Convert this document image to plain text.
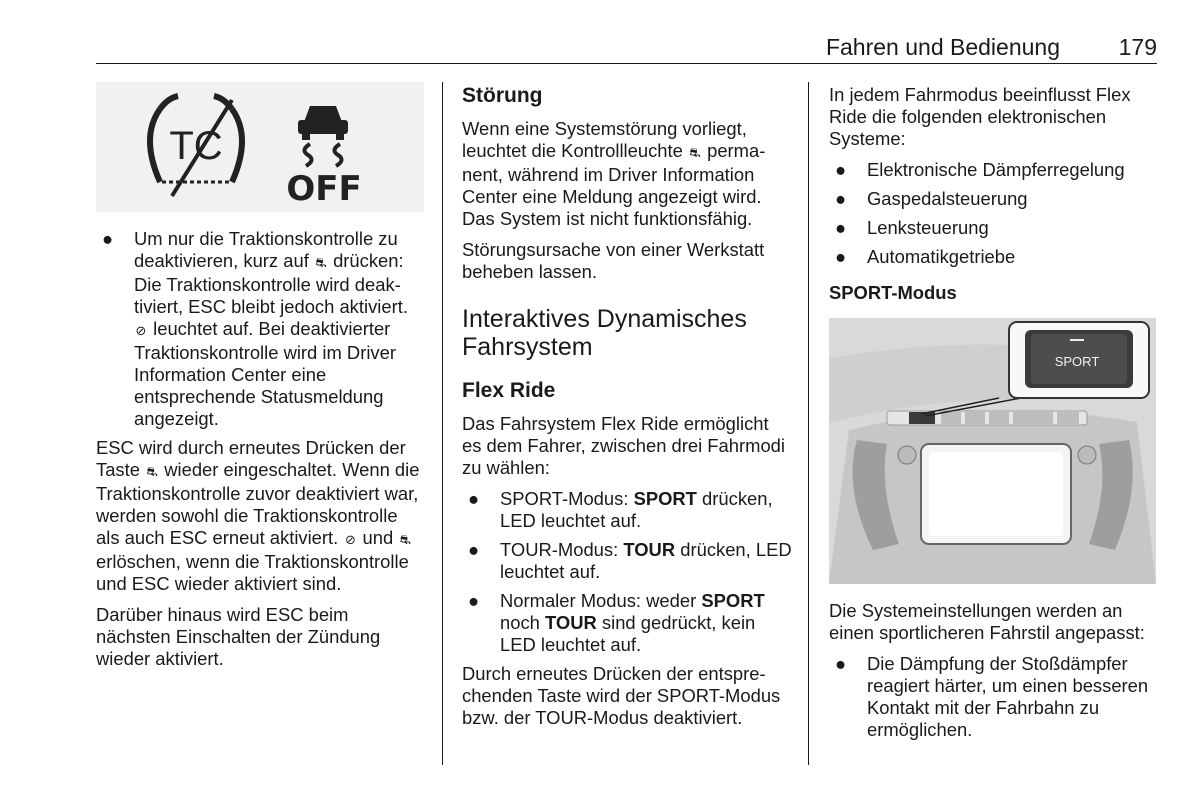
Fahren und Bedienung	179
TC
OFF
● Um nur die Traktionskontrolle zu deaktivieren, kurz auf ⛐ drücken: Die Traktionskontrolle wird deaktiviert, ESC bleibt jedoch aktiviert. ⊘ leuchtet auf. Bei deaktivierter Traktionskontrolle wird im Driver Information Center eine entsprechende Statusmeldung angezeigt.

ESC wird durch erneutes Drücken der Taste ⛐ wieder eingeschaltet. Wenn die Traktionskontrolle zuvor deaktiviert war, werden sowohl die Traktionskontrolle als auch ESC erneut aktiviert. ⊘ und ⛐ erlöschen, wenn die Traktionskontrolle und ESC wieder aktiviert sind.

Darüber hinaus wird ESC beim nächsten Einschalten der Zündung wieder aktiviert.

Störung

Wenn eine Systemstörung vorliegt, leuchtet die Kontrollleuchte ⛐ permanent, während im Driver Information Center eine Meldung angezeigt wird. Das System ist nicht funktionsfähig.

Störungsursache von einer Werkstatt beheben lassen.

Interaktives Dynamisches Fahrsystem
Flex Ride

Das Fahrsystem Flex Ride ermöglicht es dem Fahrer, zwischen drei Fahrmodi zu wählen:

● SPORT-Modus: SPORT drücken, LED leuchtet auf.
● TOUR-Modus: TOUR drücken, LED leuchtet auf.
● Normaler Modus: weder SPORT noch TOUR sind gedrückt, kein LED leuchtet auf.

Durch erneutes Drücken der entsprechenden Taste wird der SPORT-Modus bzw. der TOUR-Modus deaktiviert.

In jedem Fahrmodus beeinflusst Flex Ride die folgenden elektronischen Systeme:

● Elektronische Dämpferregelung
● Gaspedalsteuerung
● Lenksteuerung
● Automatikgetriebe
SPORT-Modus
SPORT

Die Systemeinstellungen werden an einen sportlicheren Fahrstil angepasst:

● Die Dämpfung der Stoßdämpfer reagiert härter, um einen besseren Kontakt mit der Fahrbahn zu ermöglichen.
